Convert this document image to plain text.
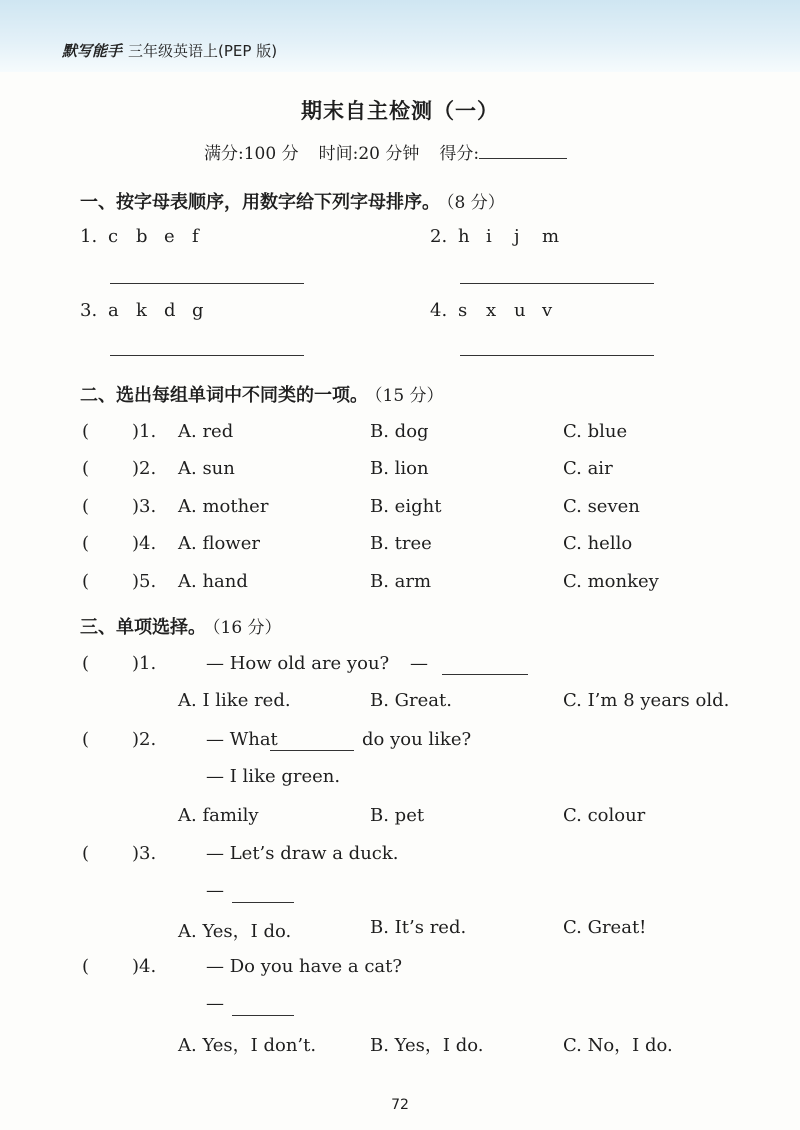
默写能手 三年级英语上(PEP 版)
期末自主检测（一）
满分:100 分 时间:20 分钟 得分:
一、按字母表顺序，用数字给下列字母排序。 （8 分）
1. c b e f	2. h i j m
3. a k d g	4. s x u v
二、选出每组单词中不同类的一项。 （15 分）
( )1. A. red	B. dog	C. blue
( )2. A. sun	B. lion	C. air
( )3. A. mother	B. eight	C. seven
( )4. A. flower	B. tree	C. hello
( )5. A. hand	B. arm	C. monkey
三、单项选择。 （16 分）
( )1.	— How old are you? —
A. I like red.	B. Great.	C. I’m 8 years old.
( )2.	— What	do you like?
— I like green.
A. family	B. pet	C. colour
( )3.	— Let’s draw a duck.
—
A. Yes，I do.	B. It’s red.	C. Great!
( )4.	— Do you have a cat?
—
A. Yes，I don’t.	B. Yes，I do.	C. No，I do.
72
